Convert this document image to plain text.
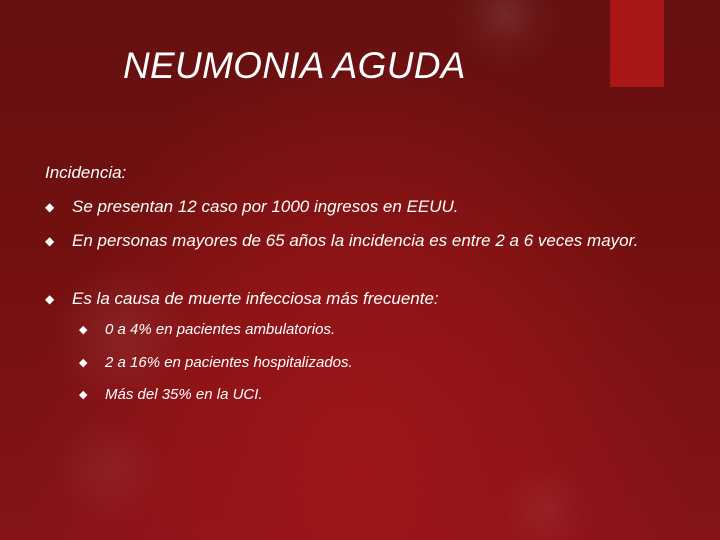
NEUMONIA AGUDA
Incidencia:
◆	Se presentan 12 caso por 1000 ingresos en EEUU.
◆	En personas mayores de 65 años la incidencia es entre 2 a 6 veces mayor.
◆	Es la causa de muerte infecciosa más frecuente:
◆	0 a 4% en pacientes ambulatorios.
◆	2 a 16% en pacientes hospitalizados.
◆	Más del 35% en la UCI.
